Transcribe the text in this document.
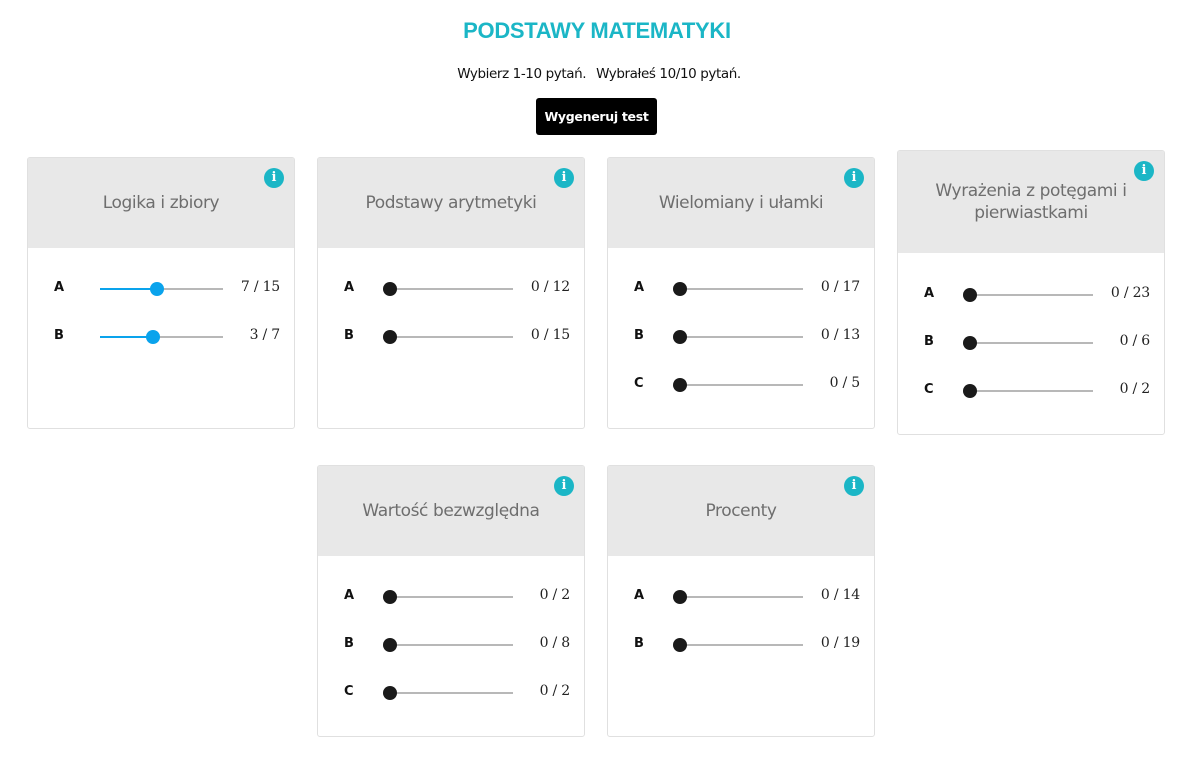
PODSTAWY MATEMATYKI
Wybierz 1-10 pytań. Wybrałeś 10/10 pytań.
Wygeneruj test
Logika i zbiory
i
A	7 / 15
B	3 / 7
Podstawy arytmetyki
i
A	0 / 12
B	0 / 15
Wielomiany i ułamki
i
A	0 / 17
B	0 / 13
C	0 / 5
Wyrażenia z potęgami i pierwiastkami
i
A	0 / 23
B	0 / 6
C	0 / 2
Wartość bezwzględna
i
A	0 / 2
B	0 / 8
C	0 / 2
Procenty
i
A	0 / 14
B	0 / 19
